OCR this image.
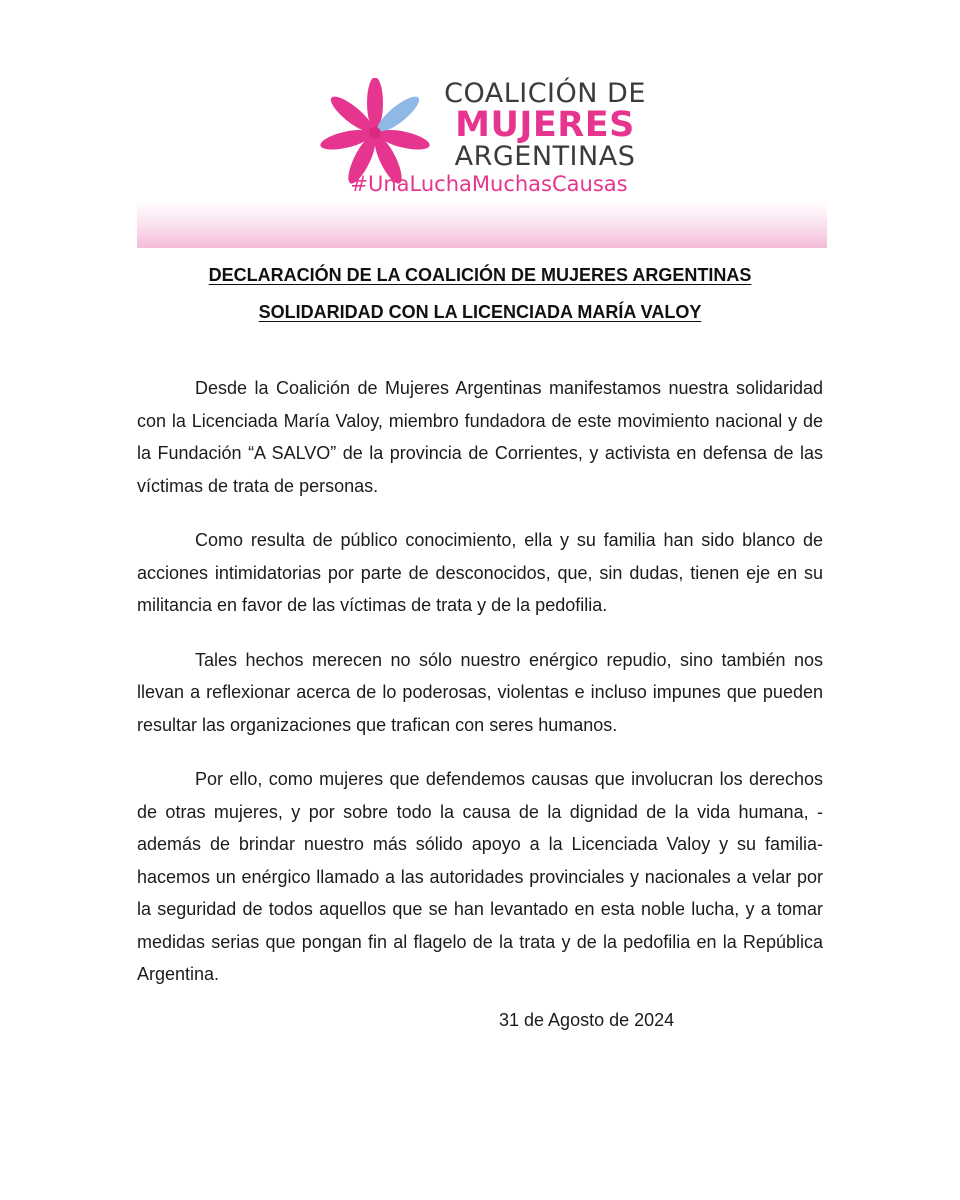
COALICIÓN DE
MUJERES
ARGENTINAS
#UnaLuchaMuchasCausas
DECLARACIÓN DE LA COALICIÓN DE MUJERES ARGENTINAS
SOLIDARIDAD CON LA LICENCIADA MARÍA VALOY

Desde la Coalición de Mujeres Argentinas manifestamos nuestra solidaridad con la Licenciada María Valoy, miembro fundadora de este movimiento nacional y de la Fundación “A SALVO” de la provincia de Corrientes, y activista en defensa de las víctimas de trata de personas.

Como resulta de público conocimiento, ella y su familia han sido blanco de acciones intimidatorias por parte de desconocidos, que, sin dudas, tienen eje en su militancia en favor de las víctimas de trata y de la pedofilia.

Tales hechos merecen no sólo nuestro enérgico repudio, sino también nos llevan a reflexionar acerca de lo poderosas, violentas e incluso impunes que pueden resultar las organizaciones que trafican con seres humanos.

Por ello, como mujeres que defendemos causas que involucran los derechos de otras mujeres, y por sobre todo la causa de la dignidad de la vida humana, -además de brindar nuestro más sólido apoyo a la Licenciada Valoy y su familia- hacemos un enérgico llamado a las autoridades provinciales y nacionales a velar por la seguridad de todos aquellos que se han levantado en esta noble lucha, y a tomar medidas serias que pongan fin al flagelo de la trata y de la pedofilia en la República Argentina.

31 de Agosto de 2024
